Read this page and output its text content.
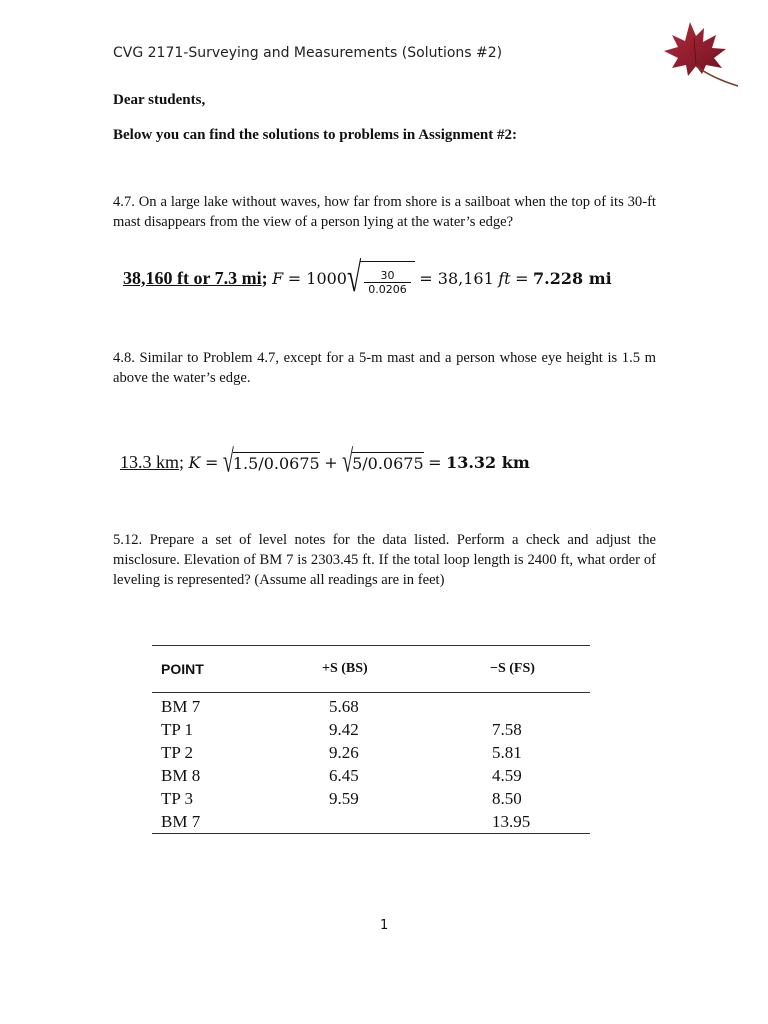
CVG 2171-Surveying and Measurements (Solutions #2)
Dear students,
Below you can find the solutions to problems in Assignment #2:
4.7. On a large lake without waves, how far from shore is a sailboat when the top of its 30-ft mast disappears from the view of a person lying at the water’s edge?
38,160 ft or 7.3 mi ;
F
= 1000 √ $\frac{30}{0.0206}$
= 38,161
ft
=
7.228 mi
4.8. Similar to Problem 4.7, except for a 5-m mast and a person whose eye height is 1.5 m above the water’s edge.
13.3 km ;
K
=
√ 1.5/0.0675
+
√ 5/0.0675
=
13.32 km
5.12. Prepare a set of level notes for the data listed. Perform a check and adjust the misclosure. Elevation of BM 7 is 2303.45 ft. If the total loop length is 2400 ft, what order of leveling is represented? (Assume all readings are in feet)
POINT	+S (BS)	−S (FS)
BM 7	5.68	
TP 1	9.42	7.58
TP 2	9.26	5.81
BM 8	6.45	4.59
TP 3	9.59	8.50
BM 7		13.95
1
